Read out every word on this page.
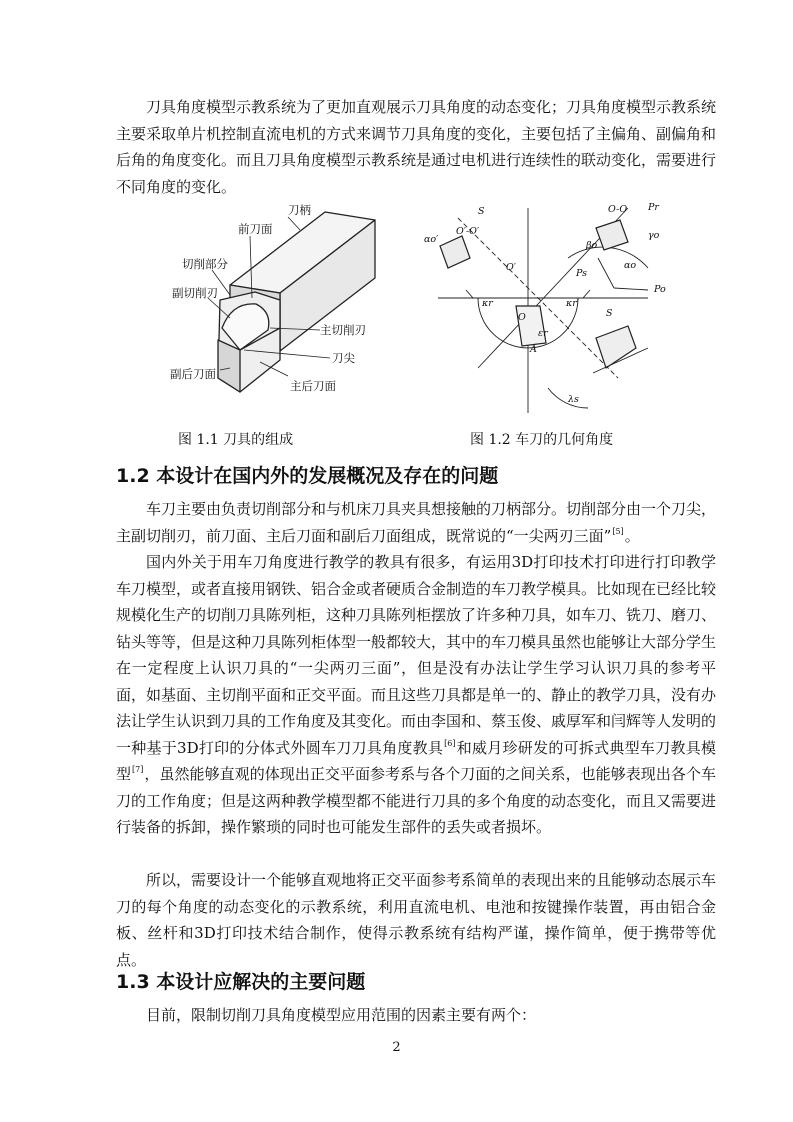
刀具角度模型示教系统为了更加直观展示刀具角度的动态变化；刀具角度模型示教系统主要采取单片机控制直流电机的方式来调节刀具角度的变化，主要包括了主偏角、副偏角和后角的角度变化。而且刀具角度模型示教系统是通过电机进行连续性的联动变化，需要进行不同角度的变化。

刀柄
前刀面
切削部分
副切削刃
主切削刃
刀尖
副后刀面
主后刀面

图 1.1 刀具的组成

S
S
O′-O′
O-O Pr
Ps
Po
κr	κr′
γo
αo
αo′
βo
εr
λs
O
O′
A

图 1.2 车刀的几何角度

1.2 本设计在国内外的发展概况及存在的问题

车刀主要由负责切削部分和与机床刀具夹具想接触的刀柄部分。切削部分由一个刀尖，主副切削刃，前刀面、主后刀面和副后刀面组成，既常说的“一尖两刃三面”[5]。

国内外关于用车刀角度进行教学的教具有很多，有运用3D打印技术打印进行打印教学车刀模型，或者直接用钢铁、铝合金或者硬质合金制造的车刀教学模具。比如现在已经比较规模化生产的切削刀具陈列柜，这种刀具陈列柜摆放了许多种刀具，如车刀、铣刀、磨刀、钻头等等，但是这种刀具陈列柜体型一般都较大，其中的车刀模具虽然也能够让大部分学生在一定程度上认识刀具的“一尖两刃三面”，但是没有办法让学生学习认识刀具的参考平面，如基面、主切削平面和正交平面。而且这些刀具都是单一的、静止的教学刀具，没有办法让学生认识到刀具的工作角度及其变化。而由李国和、蔡玉俊、戚厚军和闫辉等人发明的一种基于3D打印的分体式外圆车刀刀具角度教具[6]和威月珍研发的可拆式典型车刀教具模型[7]，虽然能够直观的体现出正交平面参考系与各个刀面的之间关系，也能够表现出各个车刀的工作角度；但是这两种教学模型都不能进行刀具的多个角度的动态变化，而且又需要进行装备的拆卸，操作繁琐的同时也可能发生部件的丢失或者损坏。

所以，需要设计一个能够直观地将正交平面参考系简单的表现出来的且能够动态展示车刀的每个角度的动态变化的示教系统，利用直流电机、电池和按键操作装置，再由铝合金板、丝杆和3D打印技术结合制作，使得示教系统有结构严谨，操作简单，便于携带等优点。

1.3 本设计应解决的主要问题

目前，限制切削刀具角度模型应用范围的因素主要有两个：

2
